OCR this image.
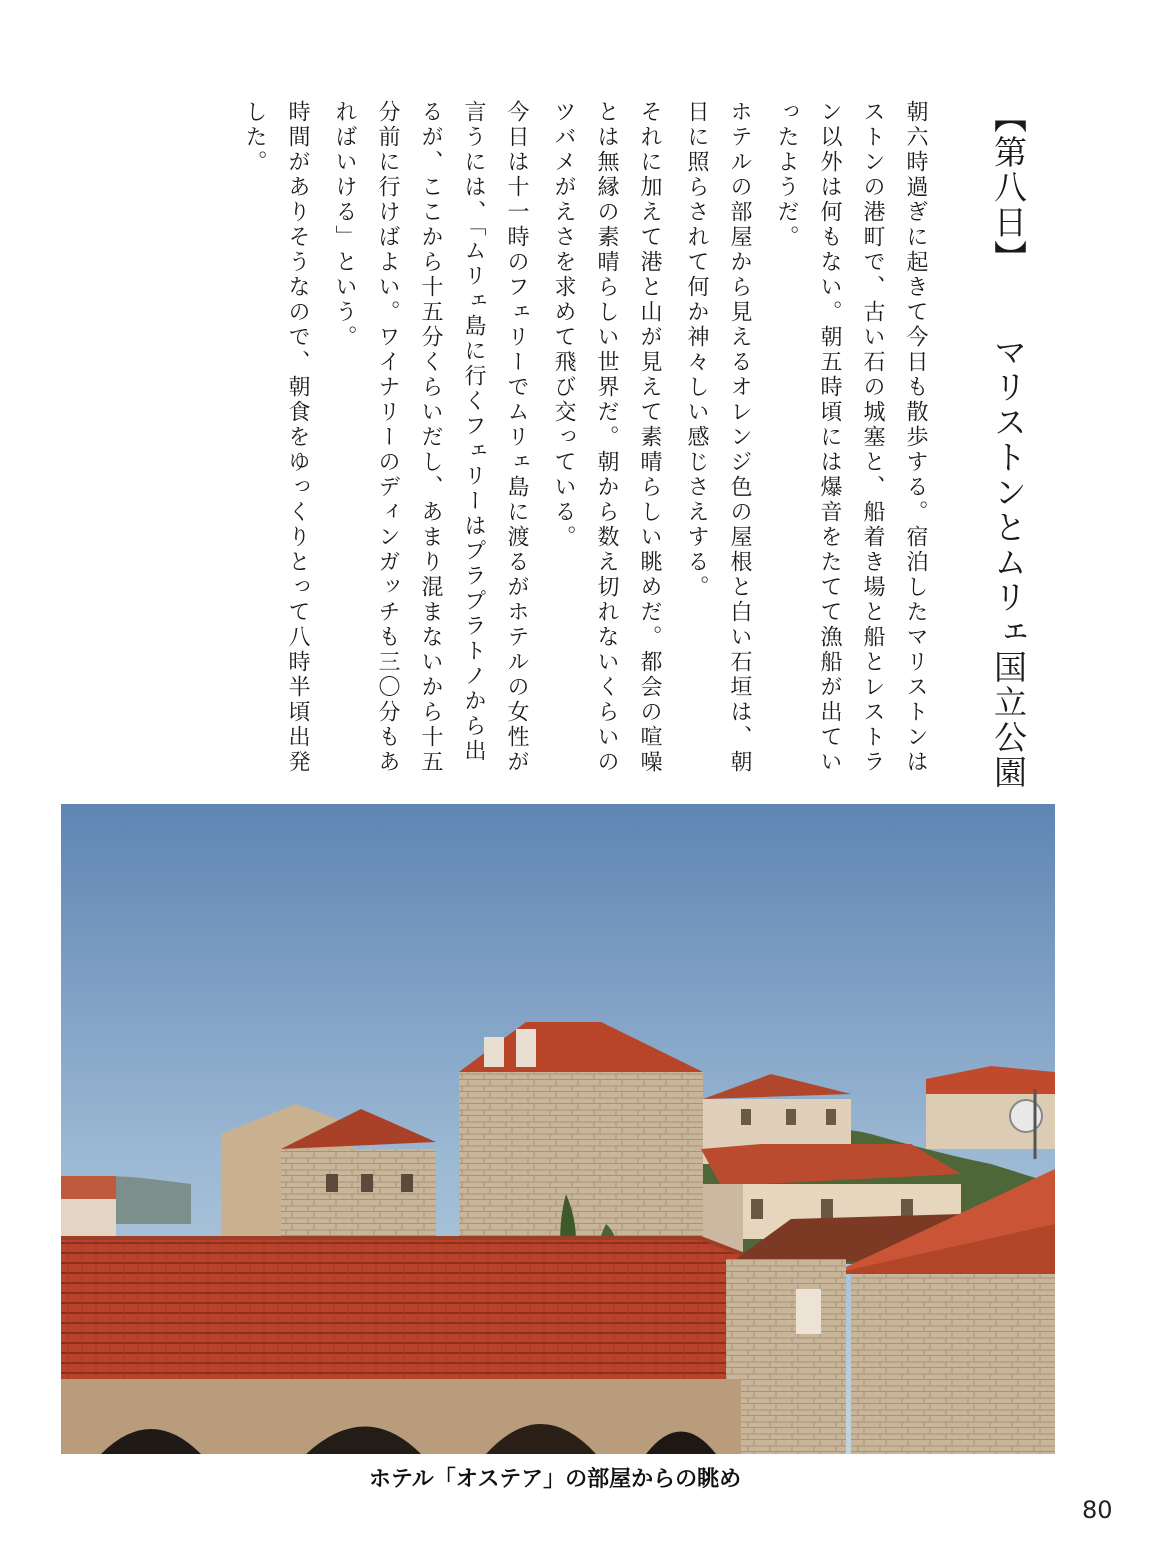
【第八日】マリストンとムリェ国立公園

朝六時過ぎに起きて今日も散歩する。宿泊したマリストンはストンの港町で、古い石の城塞と、船着き場と船とレストラン以外は何もない。朝五時頃には爆音をたてて漁船が出ていったようだ。

ホテルの部屋から見えるオレンジ色の屋根と白い石垣は、朝日に照らされて何か神々しい感じさえする。

それに加えて港と山が見えて素晴らしい眺めだ。都会の喧噪とは無縁の素晴らしい世界だ。朝から数え切れないくらいのツバメがえさを求めて飛び交っている。

今日は十一時のフェリーでムリェ島に渡るがホテルの女性が言うには、「ムリェ島に行くフェリーはプラプラトノから出るが、ここから十五分くらいだし、あまり混まないから十五分前に行けばよい。ワイナリーのディンガッチも三〇分もあればいける」という。

時間がありそうなので、朝食をゆっくりとって八時半頃出発した。

ホテル「オステア」の部屋からの眺め
80
